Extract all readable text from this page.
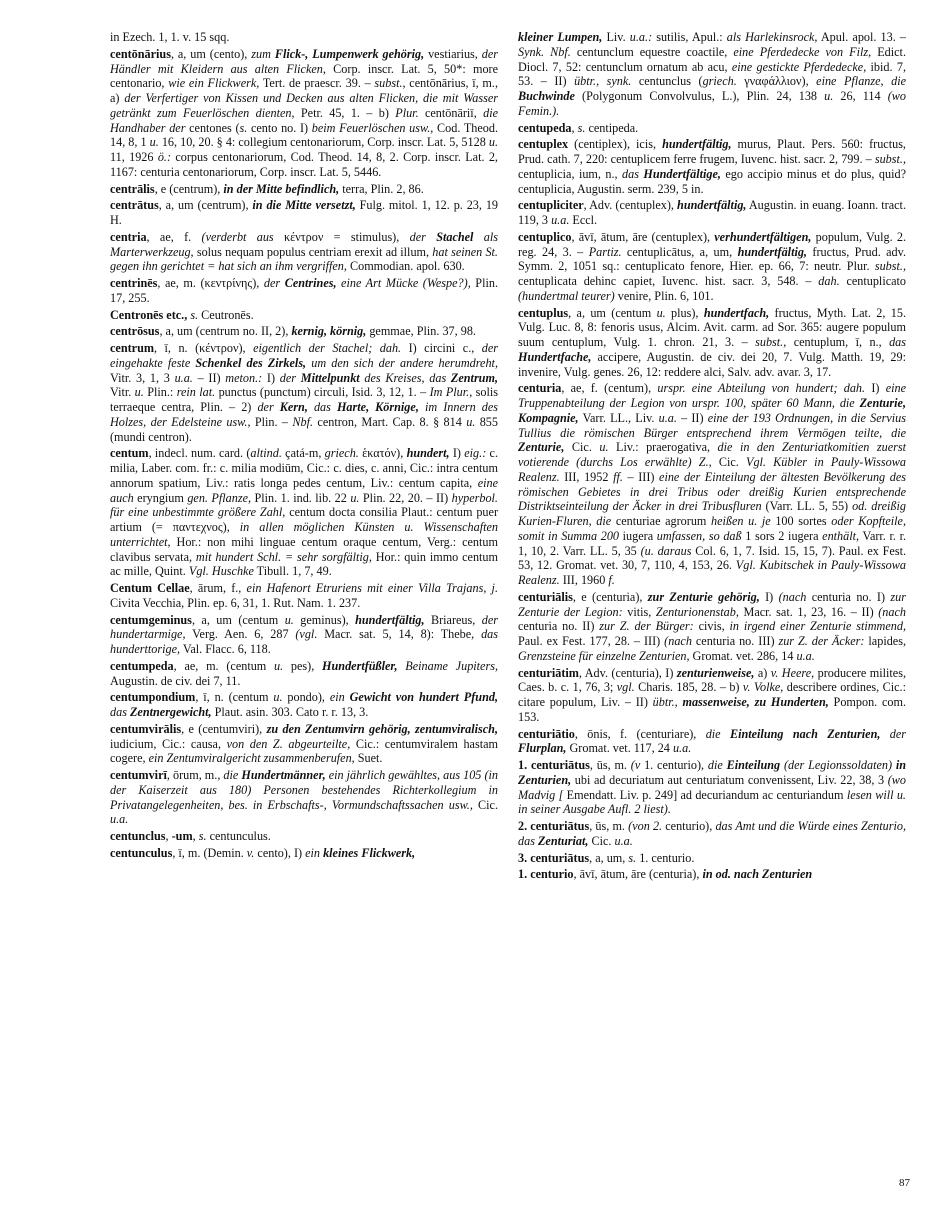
in Ezech. 1, 1. v. 15 sqq.
centōnārius, a, um (cento), zum Flick-, Lumpenwerk gehörig, vestiarius, der Händler mit Kleidern aus alten Flicken, Corp. inscr. Lat. 5, 50*: more centonario, wie ein Flickwerk, Tert. de praescr. 39. – subst., centōnārius, ī, m., a) der Verfertiger von Kissen und Decken aus alten Flicken, die mit Wasser getränkt zum Feuerlöschen dienten, Petr. 45, 1. – b) Plur. centōnāriī, die Handhaber der centones (s. cento no. I) beim Feuerlöschen usw., Cod. Theod. 14, 8, 1 u. 16, 10, 20. § 4: collegium centonariorum, Corp. inscr. Lat. 5, 5128 u. 11, 1926 ö.: corpus centonariorum, Cod. Theod. 14, 8, 2. Corp. inscr. Lat. 2, 1167: centuria centonariorum, Corp. inscr. Lat. 5, 5446.
centrālis, e (centrum), in der Mitte befindlich, terra, Plin. 2, 86.
centrātus, a, um (centrum), in die Mitte versetzt, Fulg. mitol. 1, 12. p. 23, 19 H.
centria, ae, f. (verderbt aus κέντρον = stimulus), der Stachel als Marterwerkzeug, solus nequam populus centriam erexit ad illum, hat seinen St. gegen ihn gerichtet = hat sich an ihm vergriffen, Commodian. apol. 630.
centrinēs, ae, m. (κεντρίνης), der Centrines, eine Art Mücke (Wespe?), Plin. 17, 255.
Centronēs etc., s. Ceutronēs.
centrōsus, a, um (centrum no. II, 2), kernig, körnig, gemmae, Plin. 37, 98.
centrum, ī, n. (κέντρον), eigentlich der Stachel; dah. I) circini c., der eingehakte feste Schenkel des Zirkels, um den sich der andere herumdreht, Vitr. 3, 1, 3 u.a. – II) meton.: I) der Mittelpunkt des Kreises, das Zentrum, Vitr. u. Plin.: rein lat. punctus (punctum) circuli, Isid. 3, 12, 1. – Im Plur., solis terraeque centra, Plin. – 2) der Kern, das Harte, Körnige, im Innern des Holzes, der Edelsteine usw., Plin. – Nbf. centron, Mart. Cap. 8. § 814 u. 855 (mundi centron).
centum, indecl. num. card. (altind. çatá-m, griech. ἑκατόν), hundert, I) eig.: c. milia, Laber. com. fr.: c. milia modiūm, Cic.: c. dies, c. anni, Cic.: intra centum annorum spatium, Liv.: ratis longa pedes centum, Liv.: centum capita, eine auch eryngium gen. Pflanze, Plin. 1. ind. lib. 22 u. Plin. 22, 20. – II) hyperbol. für eine unbestimmte größere Zahl, centum docta consilia Plaut.: centum puer artium (= παντεχνος), in allen möglichen Künsten u. Wissenschaften unterrichtet, Hor.: non mihi linguae centum oraque centum, Verg.: centum clavibus servata, mit hundert Schl. = sehr sorgfältig, Hor.: quin immo centum ac mille, Quint. Vgl. Huschke Tibull. 1, 7, 49.
Centum Cellae, ārum, f., ein Hafenort Etruriens mit einer Villa Trajans, j. Civita Vecchia, Plin. ep. 6, 31, 1. Rut. Nam. 1. 237.
centumgeminus, a, um (centum u. geminus), hundertfältig, Briareus, der hundertarmige, Verg. Aen. 6, 287 (vgl. Macr. sat. 5, 14, 8): Thebe, das hunderttorige, Val. Flacc. 6, 118.
centumpeda, ae, m. (centum u. pes), Hundertfüßler, Beiname Jupiters, Augustin. de civ. dei 7, 11.
centumpondium, ī, n. (centum u. pondo), ein Gewicht von hundert Pfund, das Zentnergewicht, Plaut. asin. 303. Cato r. r. 13, 3.
centumvirālis, e (centumviri), zu den Zentumvirn gehörig, zentumviralisch, iudicium, Cic.: causa, von den Z. abgeurteilte, Cic.: centumviralem hastam cogere, ein Zentumviralgericht zusammenberufen, Suet.
centumvirī, ōrum, m., die Hundertmänner, ein jährlich gewähltes, aus 105 (in der Kaiserzeit aus 180) Personen bestehendes Richterkollegium in Privatangelegenheiten, bes. in Erbschafts-, Vormundschaftssachen usw., Cic. u.a.
centunclus, -um, s. centunculus.
centunculus, ī, m. (Demin. v. cento), I) ein kleines Flickwerk,
kleiner Lumpen, Liv. u.a.: sutilis, Apul.: als Harlekinsrock, Apul. apol. 13. – Synk. Nbf. centunclum equestre coactile, eine Pferdedecke von Filz, Edict. Diocl. 7, 52: centunclum ornatum ab acu, eine gestickte Pferdedecke, ibid. 7, 53. – II) übtr., synk. centunclus (griech. γναφάλλιον), eine Pflanze, die Buchwinde (Polygonum Convolvulus, L.), Plin. 24, 138 u. 26, 114 (wo Femin.).
centupeda, s. centipeda.
centuplex (centiplex), icis, hundertfältig, murus, Plaut. Pers. 560: fructus, Prud. cath. 7, 220: centuplicem ferre frugem, Iuvenc. hist. sacr. 2, 799. – subst., centuplicia, ium, n., das Hundertfältige, ego accipio minus et do plus, quid? centuplicia, Augustin. serm. 239, 5 in.
centupliciter, Adv. (centuplex), hundertfältig, Augustin. in euang. Ioann. tract. 119, 3 u.a. Eccl.
centuplico, āvī, ātum, āre (centuplex), verhundertfältigen, populum, Vulg. 2. reg. 24, 3. – Partiz. centuplicātus, a, um, hundertfältig, fructus, Prud. adv. Symm. 2, 1051 sq.: centuplicato fenore, Hier. ep. 66, 7: neutr. Plur. subst., centuplicata dehinc capiet, Iuvenc. hist. sacr. 3, 548. – dah. centuplicato (hundertmal teurer) venire, Plin. 6, 101.
centuplus, a, um (centum u. plus), hundertfach, fructus, Myth. Lat. 2, 15. Vulg. Luc. 8, 8: fenoris usus, Alcim. Avit. carm. ad Sor. 365: augere populum suum centuplum, Vulg. 1. chron. 21, 3. – subst., centuplum, ī, n., das Hundertfache, accipere, Augustin. de civ. dei 20, 7. Vulg. Matth. 19, 29: invenire, Vulg. genes. 26, 12: reddere alci, Salv. adv. avar. 3, 17.
centuria, ae, f. (centum), urspr. eine Abteilung von hundert; dah. I) eine Truppenabteilung der Legion von urspr. 100, später 60 Mann, die Zenturie, Kompagnie, Varr. LL., Liv. u.a. – II) eine der 193 Ordnungen, in die Servius Tullius die römischen Bürger entsprechend ihrem Vermögen teilte, die Zenturie, Cic. u. Liv.: praerogativa, die in den Zenturiatkomitien zuerst votierende (durchs Los erwählte) Z., Cic. Vgl. Kübler in Pauly-Wissowa Realenz. III, 1952 ff. – III) eine der Einteilung der ältesten Bevölkerung des römischen Gebietes in drei Tribus oder dreißig Kurien entsprechende Distriktseinteilung der Äcker in drei Tribusfluren (Varr. LL. 5, 55) od. dreißig Kurien-Fluren, die centuriae agrorum heißen u. je 100 sortes oder Kopfteile, somit in Summa 200 iugera umfassen, so daß 1 sors 2 iugera enthält, Varr. r. r. 1, 10, 2. Varr. LL. 5, 35 (u. daraus Col. 6, 1, 7. Isid. 15, 15, 7). Paul. ex Fest. 53, 12. Gromat. vet. 30, 7, 110, 4, 153, 26. Vgl. Kubitschek in Pauly-Wissowa Realenz. III, 1960 f.
centuriālis, e (centuria), zur Zenturie gehörig, I) (nach centuria no. I) zur Zenturie der Legion: vitis, Zenturionenstab, Macr. sat. 1, 23, 16. – II) (nach centuria no. II) zur Z. der Bürger: civis, in irgend einer Zenturie stimmend, Paul. ex Fest. 177, 28. – III) (nach centuria no. III) zur Z. der Äcker: lapides, Grenzsteine für einzelne Zenturien, Gromat. vet. 286, 14 u.a.
centuriātim, Adv. (centuria), I) zenturienweise, a) v. Heere, producere milites, Caes. b. c. 1, 76, 3; vgl. Charis. 185, 28. – b) v. Volke, describere ordines, Cic.: citare populum, Liv. – II) übtr., massenweise, zu Hunderten, Pompon. com. 153.
centuriātio, ōnis, f. (centuriare), die Einteilung nach Zenturien, der Flurplan, Gromat. vet. 117, 24 u.a.
1. centuriātus, ūs, m. (v 1. centurio), die Einteilung (der Legionssoldaten) in Zenturien, ubi ad decuriatum aut centuriatum convenissent, Liv. 22, 38, 3 (wo Madvig [ Emendatt. Liv. p. 249] ad decuriandum ac centuriandum lesen will u. in seiner Ausgabe Aufl. 2 liest).
2. centuriātus, ūs, m. (von 2. centurio), das Amt und die Würde eines Zenturio, das Zenturiat, Cic. u.a.
3. centuriātus, a, um, s. 1. centurio.
1. centurio, āvī, ātum, āre (centuria), in od. nach Zenturien
87
